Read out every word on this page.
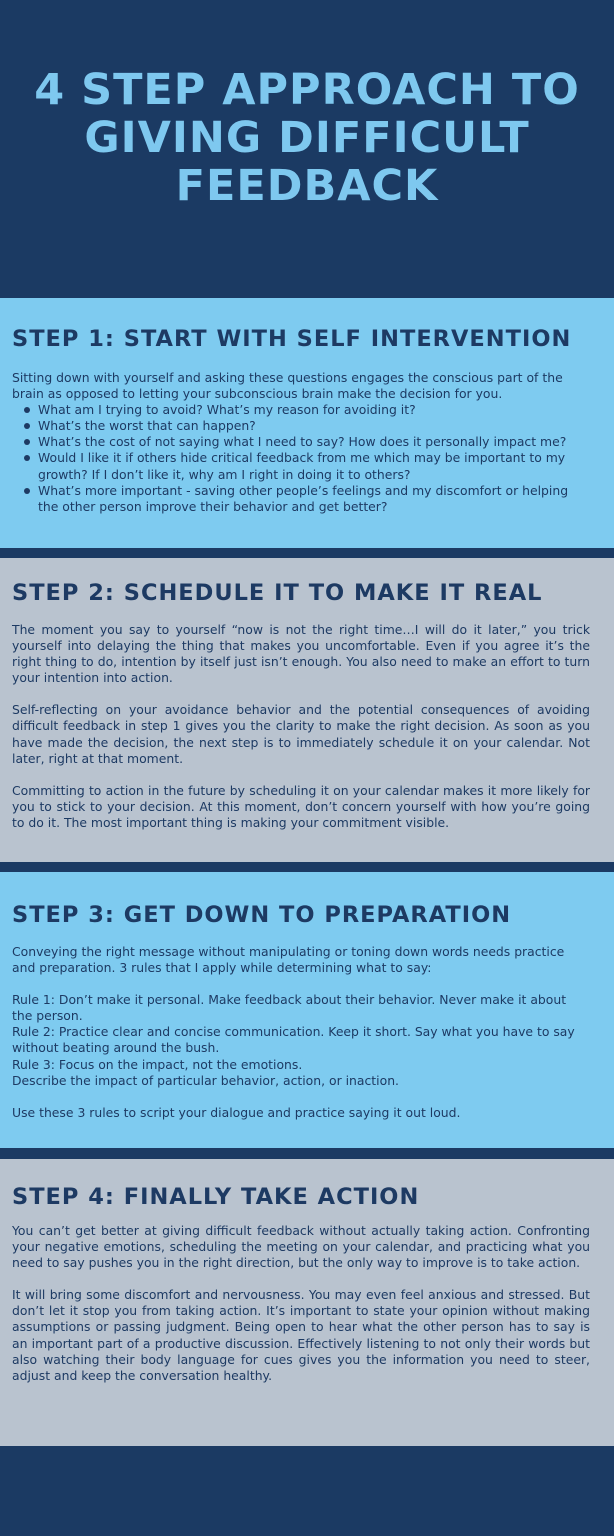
4 STEP APPROACH TO
GIVING DIFFICULT
FEEDBACK
STEP 1: START WITH SELF INTERVENTION

Sitting down with yourself and asking these questions engages the conscious part of the brain as opposed to letting your subconscious brain make the decision for you.

What am I trying to avoid? What’s my reason for avoiding it?
What’s the worst that can happen?
What’s the cost of not saying what I need to say? How does it personally impact me?
Would I like it if others hide critical feedback from me which may be important to my growth? If I don’t like it, why am I right in doing it to others?
What’s more important - saving other people’s feelings and my discomfort or helping the other person improve their behavior and get better?
STEP 2: SCHEDULE IT TO MAKE IT REAL

The moment you say to yourself “now is not the right time…I will do it later,” you trick yourself into delaying the thing that makes you uncomfortable. Even if you agree it’s the right thing to do, intention by itself just isn’t enough. You also need to make an effort to turn your intention into action.

Self-reflecting on your avoidance behavior and the potential consequences of avoiding difficult feedback in step 1 gives you the clarity to make the right decision. As soon as you have made the decision, the next step is to immediately schedule it on your calendar. Not later, right at that moment.

Committing to action in the future by scheduling it on your calendar makes it more likely for you to stick to your decision. At this moment, don’t concern yourself with how you’re going to do it. The most important thing is making your commitment visible.

STEP 3: GET DOWN TO PREPARATION

Conveying the right message without manipulating or toning down words needs practice and preparation. 3 rules that I apply while determining what to say:

Rule 1: Don’t make it personal. Make feedback about their behavior. Never make it about the person.

Rule 2: Practice clear and concise communication. Keep it short. Say what you have to say without beating around the bush.

Rule 3: Focus on the impact, not the emotions.

Describe the impact of particular behavior, action, or inaction.

Use these 3 rules to script your dialogue and practice saying it out loud.

STEP 4: FINALLY TAKE ACTION

You can’t get better at giving difficult feedback without actually taking action. Confronting your negative emotions, scheduling the meeting on your calendar, and practicing what you need to say pushes you in the right direction, but the only way to improve is to take action.

It will bring some discomfort and nervousness. You may even feel anxious and stressed. But don’t let it stop you from taking action. It’s important to state your opinion without making assumptions or passing judgment. Being open to hear what the other person has to say is an important part of a productive discussion. Effectively listening to not only their words but also watching their body language for cues gives you the information you need to steer, adjust and keep the conversation healthy.
